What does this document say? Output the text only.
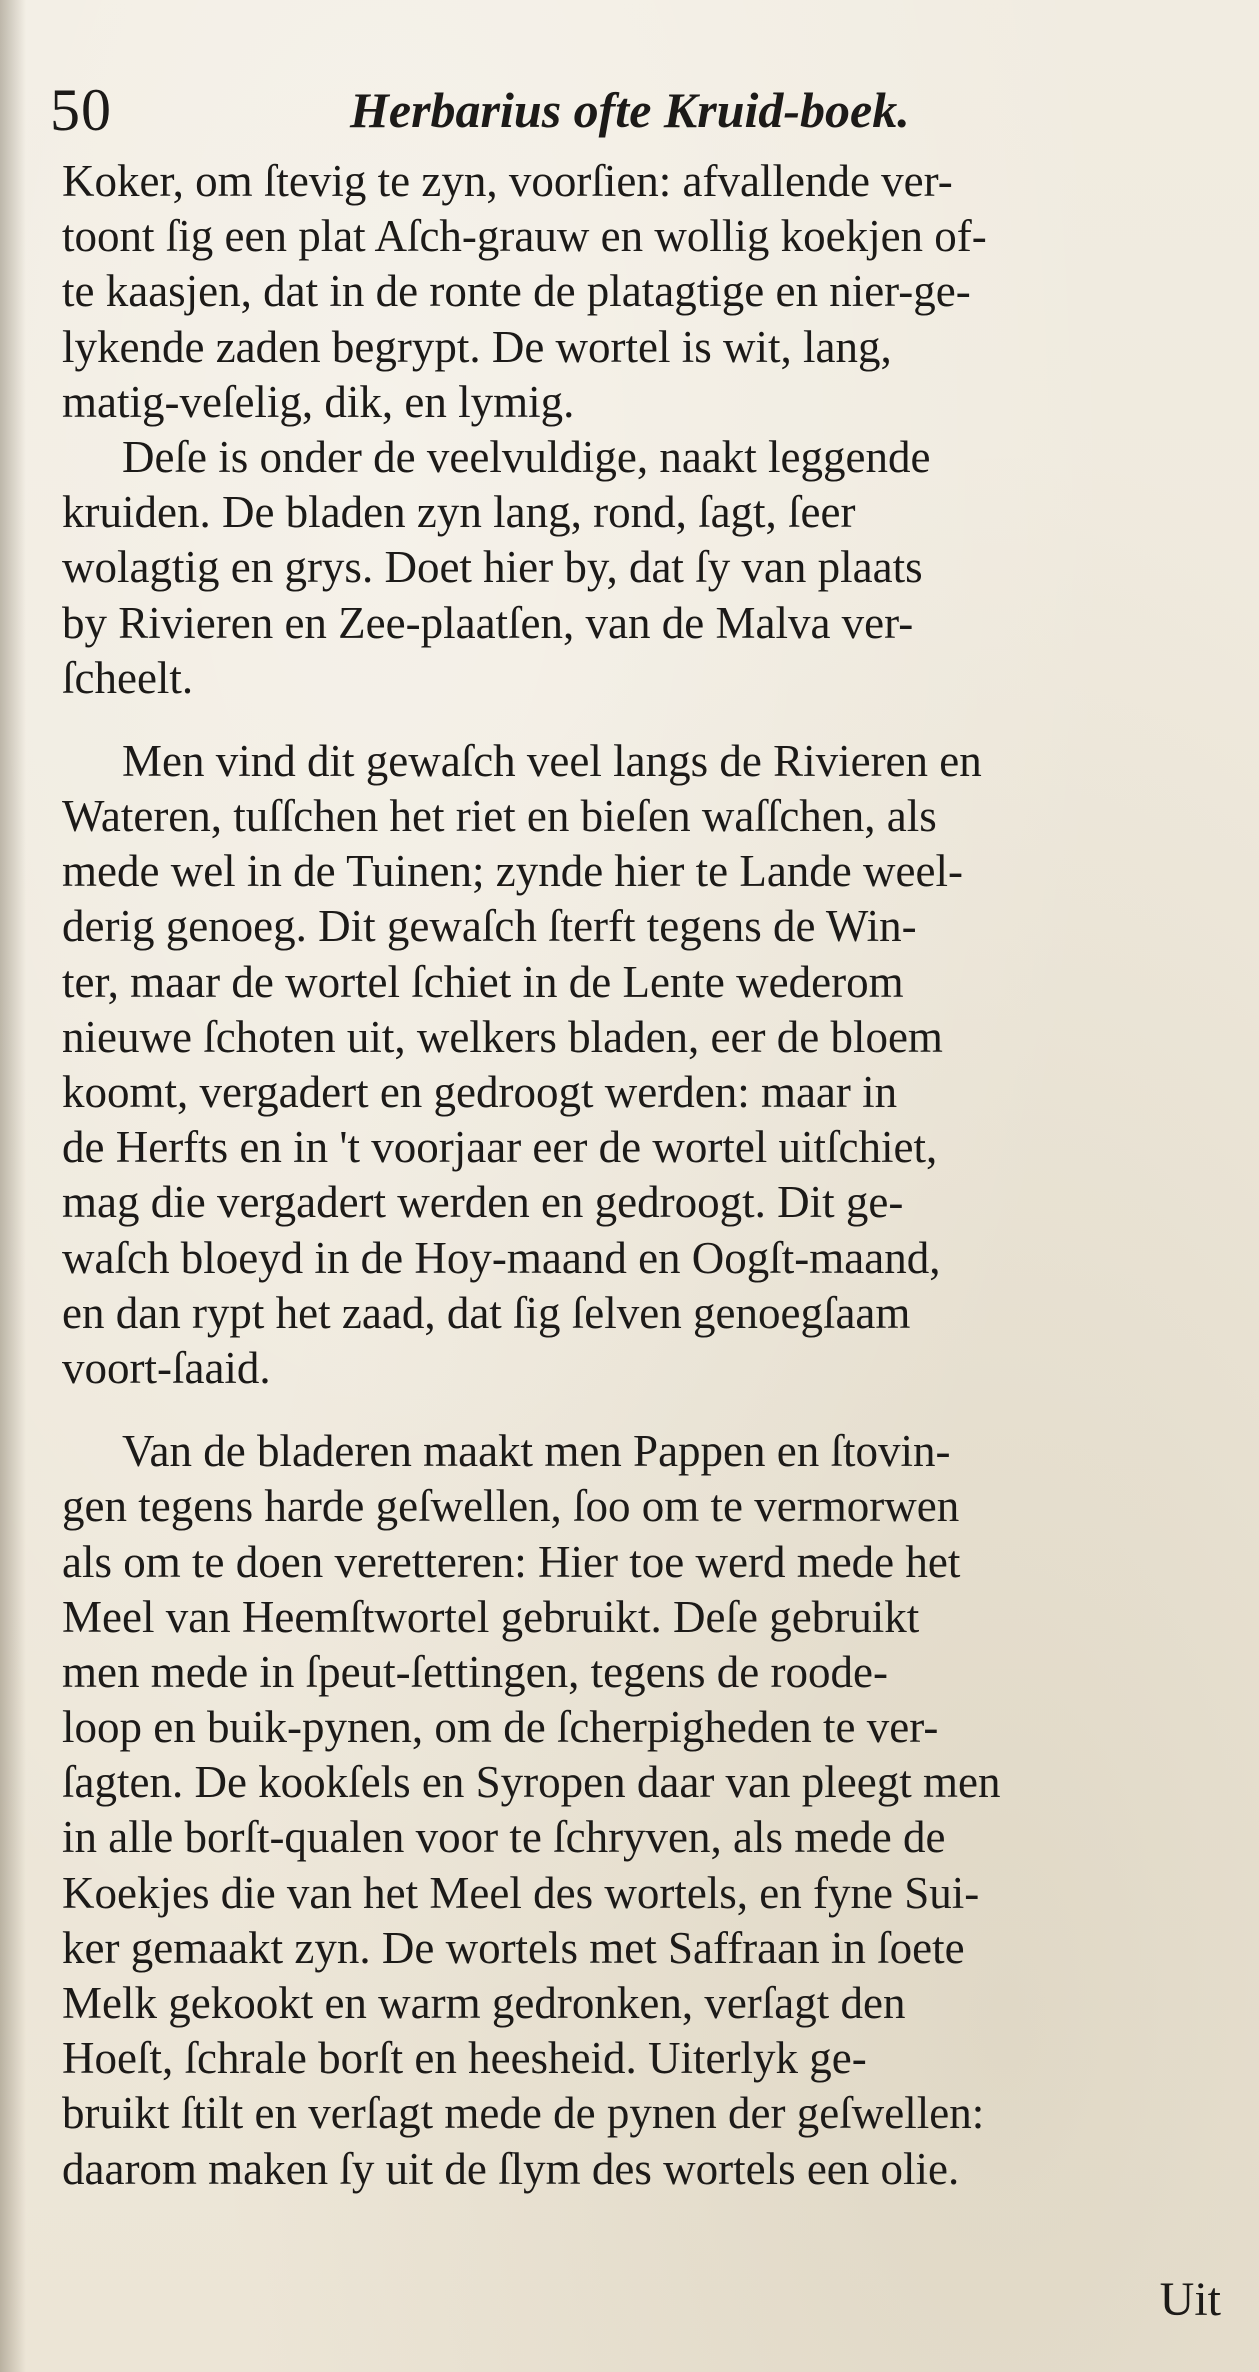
50	Herbarius ofte Kruid-boek.
Koker, om ſtevig te zyn, voorſien: afvallende ver-
toont ſig een plat Aſch-grauw en wollig koekjen of-
te kaasjen, dat in de ronte de platagtige en nier-ge-
lykende zaden begrypt. De wortel is wit, lang,
matig-veſelig, dik, en lymig.
Deſe is onder de veelvuldige, naakt leggende
kruiden. De bladen zyn lang, rond, ſagt, ſeer
wolagtig en grys. Doet hier by, dat ſy van plaats
by Rivieren en Zee-plaatſen, van de Malva ver-
ſcheelt.
Men vind dit gewaſch veel langs de Rivieren en
Wateren, tuſſchen het riet en bieſen waſſchen, als
mede wel in de Tuinen; zynde hier te Lande weel-
derig genoeg. Dit gewaſch ſterft tegens de Win-
ter, maar de wortel ſchiet in de Lente wederom
nieuwe ſchoten uit, welkers bladen, eer de bloem
koomt, vergadert en gedroogt werden: maar in
de Herfts en in 't voorjaar eer de wortel uitſchiet,
mag die vergadert werden en gedroogt. Dit ge-
waſch bloeyd in de Hoy-maand en Oogſt-maand,
en dan rypt het zaad, dat ſig ſelven genoegſaam
voort-ſaaid.
Van de bladeren maakt men Pappen en ſtovin-
gen tegens harde geſwellen, ſoo om te vermorwen
als om te doen veretteren: Hier toe werd mede het
Meel van Heemſtwortel gebruikt. Deſe gebruikt
men mede in ſpeut-ſettingen, tegens de roode-
loop en buik-pynen, om de ſcherpigheden te ver-
ſagten. De kookſels en Syropen daar van pleegt men
in alle borſt-qualen voor te ſchryven, als mede de
Koekjes die van het Meel des wortels, en fyne Sui-
ker gemaakt zyn. De wortels met Saffraan in ſoete
Melk gekookt en warm gedronken, verſagt den
Hoeſt, ſchrale borſt en heesheid. Uiterlyk ge-
bruikt ſtilt en verſagt mede de pynen der geſwellen:
daarom maken ſy uit de ſlym des wortels een olie.
Uit
